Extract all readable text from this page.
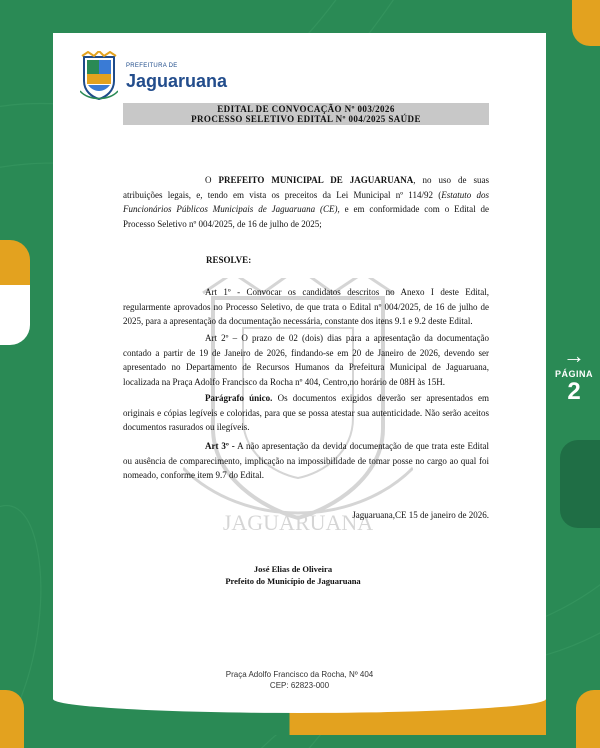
→
PÁGINA
2
PREFEITURA DE
Jaguaruana
EDITAL DE CONVOCAÇÃO Nº 003/2026
PROCESSO SELETIVO EDITAL Nº 004/2025 SAÚDE
JAGUARUANA
O PREFEITO MUNICIPAL DE JAGUARUANA, no uso de suas atribuições legais, e, tendo em vista os preceitos da Lei Municipal nº 114/92 (Estatuto dos Funcionários Públicos Municipais de Jaguaruana (CE), e em conformidade com o Edital de Processo Seletivo nº 004/2025, de 16 de julho de 2025;
RESOLVE:
Art 1º - Convocar os candidatos descritos no Anexo I deste Edital, regularmente aprovados no Processo Seletivo, de que trata o Edital nº 004/2025, de 16 de julho de 2025, para a apresentação da documentação necessária, constante dos itens 9.1 e 9.2 deste Edital.
Art 2º – O prazo de 02 (dois) dias para a apresentação da documentação contado a partir de 19 de Janeiro de 2026, findando-se em 20 de Janeiro de 2026, devendo ser apresentado no Departamento de Recursos Humanos da Prefeitura Municipal de Jaguaruana, localizada na Praça Adolfo Francisco da Rocha nº 404, Centro,no horário de 08H às 15H.
Parágrafo único. Os documentos exigidos deverão ser apresentados em originais e cópias legíveis e coloridas, para que se possa atestar sua autenticidade. Não serão aceitos documentos rasurados ou ilegíveis.
Art 3º - A não apresentação da devida documentação de que trata este Edital ou ausência de comparecimento, implicação na impossibilidade de tomar posse no cargo ao qual foi nomeado, conforme item 9.7 do Edital.
Jaguaruana,CE 15 de janeiro de 2026.
José Elias de Oliveira
Prefeito do Município de Jaguaruana
Praça Adolfo Francisco da Rocha, Nº 404
CEP: 62823-000
